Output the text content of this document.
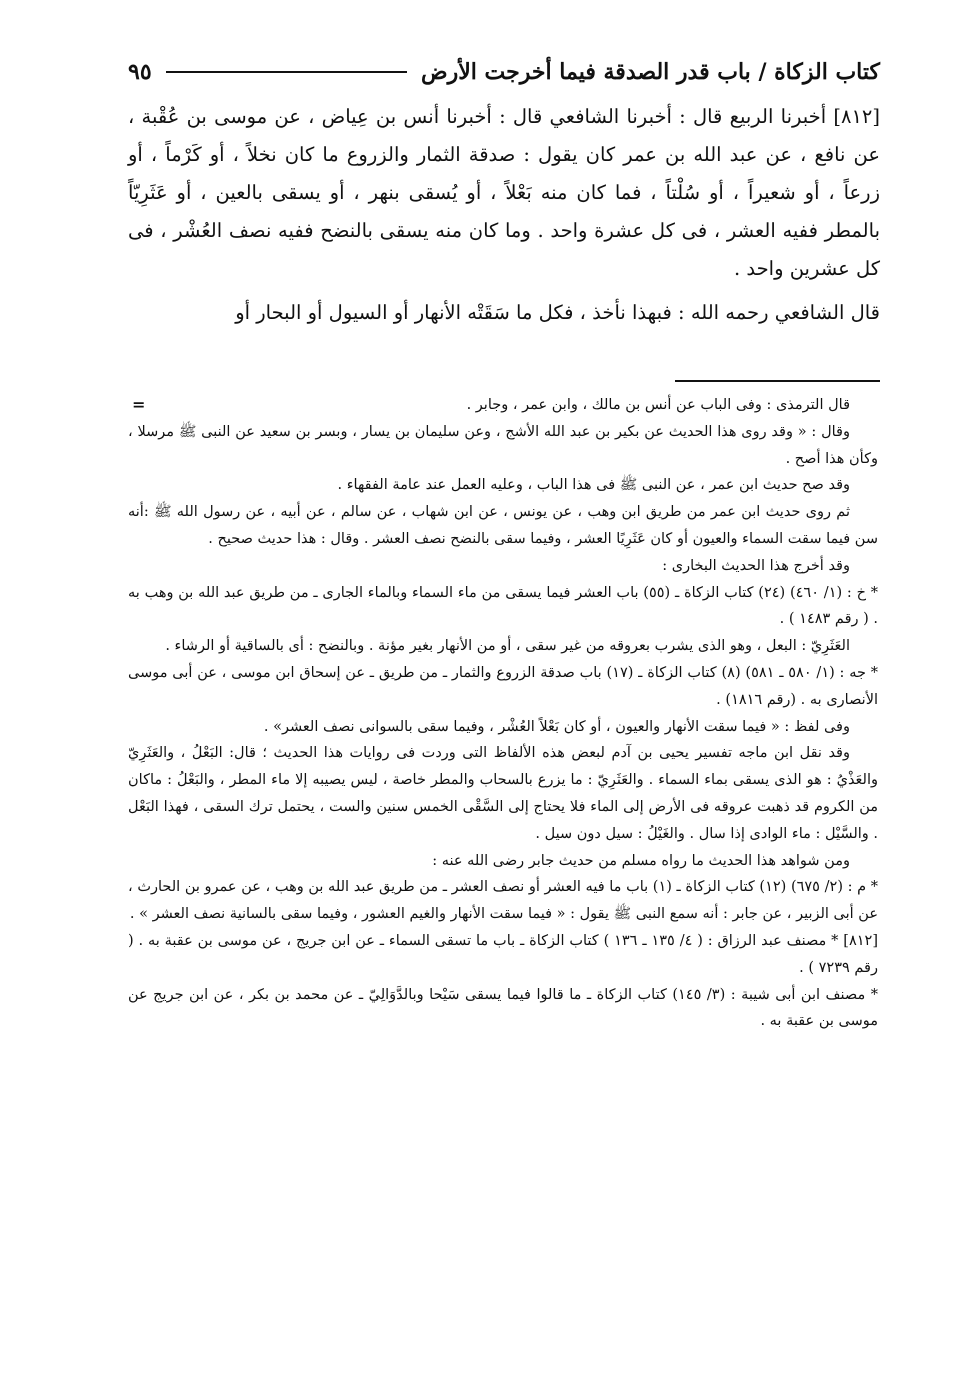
كتاب الزكاة / باب قدر الصدقة فيما أخرجت الأرض
٩٥

[٨١٢] أخبرنا الربيع قال : أخبرنا الشافعي قال : أخبرنا أنس بن عِياض ، عن موسى بن عُقْبة ، عن نافع ، عن عبد الله بن عمر كان يقول : صدقة الثمار والزروع ما كان نخلاً ، أو كَرْماً ، أو زرعاً ، أو شعيراً ، أو سُلْتاً ، فما كان منه بَعْلاً ، أو يُسقى بنهر ، أو يسقى بالعين ، أو عَثَرِيّاً بالمطر ففيه العشر ، فى كل عشرة واحد . وما كان منه يسقى بالنضح ففيه نصف العُشْر ، فى كل عشرين واحد .

قال الشافعي رحمه الله : فبهذا نأخذ ، فكل ما سَقَتْه الأنهار أو السيول أو البحار أو

=	قال الترمذى : وفى الباب عن أنس بن مالك ، وابن عمر ، وجابر .

وقال : « وقد روى هذا الحديث عن بكير بن عبد الله الأشج ، وعن سليمان بن يسار ، وبسر بن سعيد عن النبى ﷺ مرسلا ، وكأن هذا أصح .

وقد صح حديث ابن عمر ، عن النبى ﷺ فى هذا الباب ، وعليه العمل عند عامة الفقهاء .

ثم روى حديث ابن عمر من طريق ابن وهب ، عن يونس ، عن ابن شهاب ، عن سالم ، عن أبيه ، عن رسول الله ﷺ :أنه سن فيما سقت السماء والعيون أو كان عَثَرِيًا العشر ، وفيما سقى بالنضح نصف العشر . وقال : هذا حديث صحيح .

وقد أخرج هذا الحديث البخارى :

* خ : (١/ ٤٦٠) (٢٤) كتاب الزكاة ـ (٥٥) باب العشر فيما يسقى من ماء السماء وبالماء الجارى ـ من طريق عبد الله بن وهب به . ( رقم ١٤٨٣ ) .

العَثَرِيّ : البعل ، وهو الذى يشرب بعروقه من غير سقى ، أو من الأنهار بغير مؤنة . وبالنضح : أى بالساقية أو الرشاء .

* جه : (١/ ٥٨٠ ـ ٥٨١) (٨) كتاب الزكاة ـ (١٧) باب صدقة الزروع والثمار ـ من طريق ـ عن إسحاق ابن موسى ، عن أبى موسى الأنصارى به . (رقم ١٨١٦) .

وفى لفظ : « فيما سقت الأنهار والعيون ، أو كان بَعْلاً العُشْر ، وفيما سقى بالسوانى نصف العشر» .

وقد نقل ابن ماجه تفسير يحيى بن آدم لبعض هذه الألفاظ التى وردت فى روايات هذا الحديث ؛ قال: البَعْلُ ، والعَثَرِيّ والعَذْيُ : هو الذى يسقى بماء السماء . والعَثَرِيّ : ما يزرع بالسحاب والمطر خاصة ، ليس يصيبه إلا ماء المطر ، والبَعْلُ : ماكان من الكروم قد ذهبت عروقه فى الأرض إلى الماء فلا يحتاج إلى السَّقْى الخمس سنين والست ، يحتمل ترك السقى ، فهذا البَعْل . والسَّيْل : ماء الوادى إذا سال . والغَيْلُ : سيل دون سيل .

ومن شواهد هذا الحديث ما رواه مسلم من حديث جابر رضى الله عنه :

* م : (٢/ ٦٧٥) (١٢) كتاب الزكاة ـ (١) باب ما فيه العشر أو نصف العشر ـ من طريق عبد الله بن وهب ، عن عمرو بن الحارث ، عن أبى الزبير ، عن جابر : أنه سمع النبى ﷺ يقول : « فيما سقت الأنهار والغيم العشور ، وفيما سقى بالسانية نصف العشر » .

[٨١٢] * مصنف عبد الرزاق : ( ٤/ ١٣٥ ـ ١٣٦ ) كتاب الزكاة ـ باب ما تسقى السماء ـ عن ابن جريج ، عن موسى بن عقبة به . ( رقم ٧٢٣٩ ) .

* مصنف ابن أبى شيبة : (٣/ ١٤٥) كتاب الزكاة ـ ما قالوا فيما يسقى سَيْحا وبالدَّوَالِيّ ـ عن محمد بن بكر ، عن ابن جريج عن موسى بن عقبة به .
